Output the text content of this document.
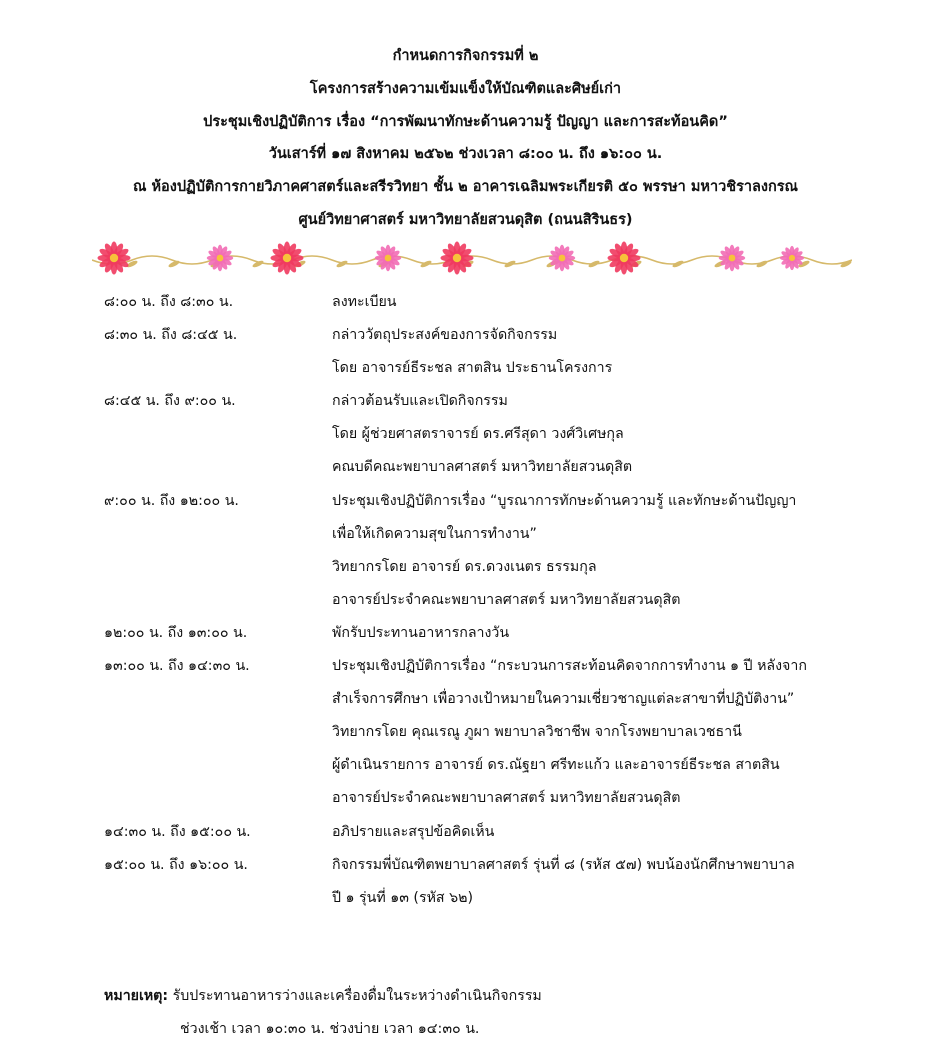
กำหนดการกิจกรรมที่ ๒
โครงการสร้างความเข้มแข็งให้บัณฑิตและศิษย์เก่า
ประชุมเชิงปฏิบัติการ เรื่อง “การพัฒนาทักษะด้านความรู้ ปัญญา และการสะท้อนคิด”
วันเสาร์ที่ ๑๗ สิงหาคม ๒๕๖๒ ช่วงเวลา ๘:๐๐ น. ถึง ๑๖:๐๐ น.
ณ ห้องปฏิบัติการกายวิภาคศาสตร์และสรีรวิทยา ชั้น ๒ อาคารเฉลิมพระเกียรติ ๕๐ พรรษา มหาวชิราลงกรณ
ศูนย์วิทยาศาสตร์ มหาวิทยาลัยสวนดุสิต (ถนนสิรินธร)
๘:๐๐ น. ถึง ๘:๓๐ น.	ลงทะเบียน
๘:๓๐ น. ถึง ๘:๔๕ น.	กล่าววัตถุประสงค์ของการจัดกิจกรรม
โดย อาจารย์ธีระชล สาตสิน ประธานโครงการ
๘:๔๕ น. ถึง ๙:๐๐ น.	กล่าวต้อนรับและเปิดกิจกรรม
โดย ผู้ช่วยศาสตราจารย์ ดร.ศรีสุดา วงศ์วิเศษกุล
คณบดีคณะพยาบาลศาสตร์ มหาวิทยาลัยสวนดุสิต
๙:๐๐ น. ถึง ๑๒:๐๐ น.	ประชุมเชิงปฏิบัติการเรื่อง “บูรณาการทักษะด้านความรู้ และทักษะด้านปัญญา
เพื่อให้เกิดความสุขในการทำงาน”
วิทยากรโดย อาจารย์ ดร.ดวงเนตร ธรรมกุล
อาจารย์ประจำคณะพยาบาลศาสตร์ มหาวิทยาลัยสวนดุสิต
๑๒:๐๐ น. ถึง ๑๓:๐๐ น.	พักรับประทานอาหารกลางวัน
๑๓:๐๐ น. ถึง ๑๔:๓๐ น.	ประชุมเชิงปฏิบัติการเรื่อง “กระบวนการสะท้อนคิดจากการทำงาน ๑ ปี หลังจาก
สำเร็จการศึกษา เพื่อวางเป้าหมายในความเชี่ยวชาญแต่ละสาขาที่ปฏิบัติงาน”
วิทยากรโดย คุณเรณู ภูผา พยาบาลวิชาชีพ จากโรงพยาบาลเวชธานี
ผู้ดำเนินรายการ อาจารย์ ดร.ณัฐยา ศรีทะแก้ว และอาจารย์ธีระชล สาตสิน
อาจารย์ประจำคณะพยาบาลศาสตร์ มหาวิทยาลัยสวนดุสิต
๑๔:๓๐ น. ถึง ๑๕:๐๐ น.	อภิปรายและสรุปข้อคิดเห็น
๑๕:๐๐ น. ถึง ๑๖:๐๐ น.	กิจกรรมพี่บัณฑิตพยาบาลศาสตร์ รุ่นที่ ๘ (รหัส ๕๗) พบน้องนักศึกษาพยาบาล
ปี ๑ รุ่นที่ ๑๓ (รหัส ๖๒)
หมายเหตุ: รับประทานอาหารว่างและเครื่องดื่มในระหว่างดำเนินกิจกรรม
ช่วงเช้า เวลา ๑๐:๓๐ น. ช่วงบ่าย เวลา ๑๔:๓๐ น.
